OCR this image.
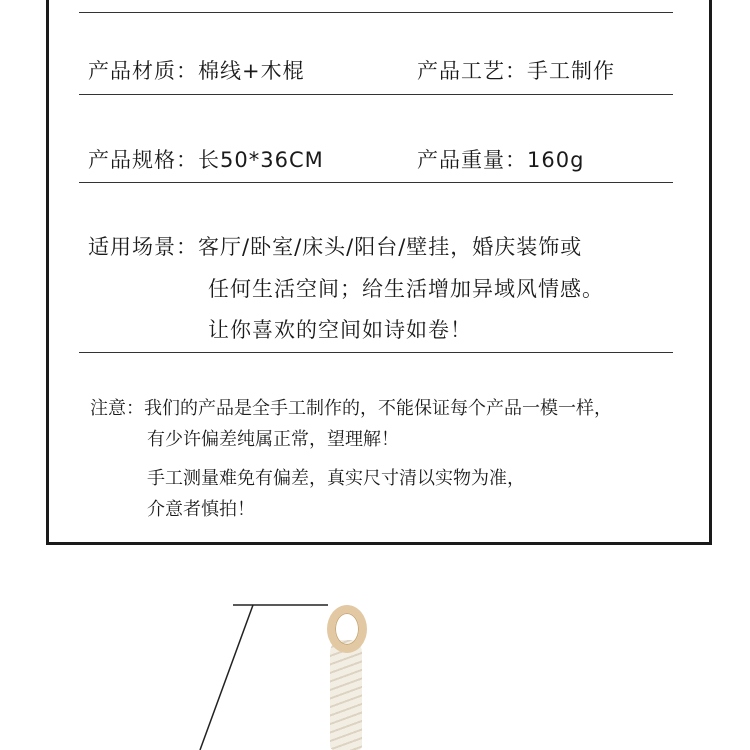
产品材质：棉线+木棍	产品工艺：手工制作
产品规格：长50*36CM	产品重量：160g
适用场景：客厅/卧室/床头/阳台/壁挂，婚庆装饰或
任何生活空间；给生活增加异域风情感。
让你喜欢的空间如诗如卷！
注意：我们的产品是全手工制作的，不能保证每个产品一模一样，
有少许偏差纯属正常，望理解！
手工测量难免有偏差，真实尺寸清以实物为准，
介意者慎拍！
